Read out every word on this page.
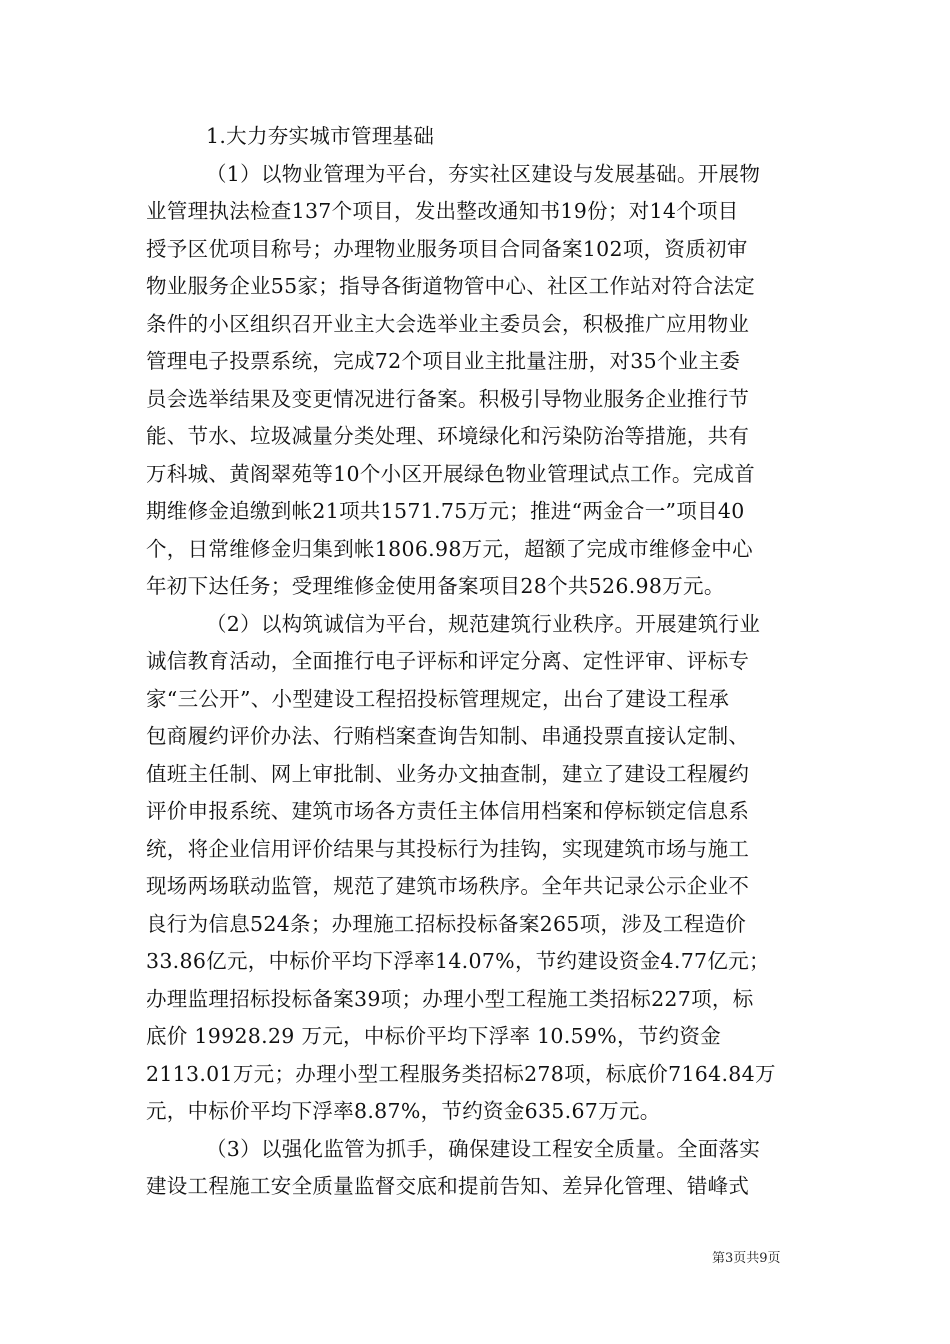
1.大力夯实城市管理基础
（1）以物业管理为平台，夯实社区建设与发展基础。开展物
业管理执法检查137个项目，发出整改通知书19份；对14个项目
授予区优项目称号；办理物业服务项目合同备案102项，资质初审
物业服务企业55家；指导各街道物管中心、社区工作站对符合法定
条件的小区组织召开业主大会选举业主委员会，积极推广应用物业
管理电子投票系统，完成72个项目业主批量注册，对35个业主委
员会选举结果及变更情况进行备案。积极引导物业服务企业推行节
能、节水、垃圾减量分类处理、环境绿化和污染防治等措施，共有
万科城、黄阁翠苑等10个小区开展绿色物业管理试点工作。完成首
期维修金追缴到帐21项共1571.75万元；推进“两金合一”项目40
个，日常维修金归集到帐1806.98万元，超额了完成市维修金中心
年初下达任务；受理维修金使用备案项目28个共526.98万元。
（2）以构筑诚信为平台，规范建筑行业秩序。开展建筑行业
诚信教育活动，全面推行电子评标和评定分离、定性评审、评标专
家“三公开”、小型建设工程招投标管理规定，出台了建设工程承
包商履约评价办法、行贿档案查询告知制、串通投票直接认定制、
值班主任制、网上审批制、业务办文抽查制，建立了建设工程履约
评价申报系统、建筑市场各方责任主体信用档案和停标锁定信息系
统，将企业信用评价结果与其投标行为挂钩，实现建筑市场与施工
现场两场联动监管，规范了建筑市场秩序。全年共记录公示企业不
良行为信息524条；办理施工招标投标备案265项，涉及工程造价
33.86亿元，中标价平均下浮率14.07%，节约建设资金4.77亿元；
办理监理招标投标备案39项；办理小型工程施工类招标227项，标
底价 19928.29 万元，中标价平均下浮率 10.59%，节约资金
2113.01万元；办理小型工程服务类招标278项，标底价7164.84万
元，中标价平均下浮率8.87%，节约资金635.67万元。
（3）以强化监管为抓手，确保建设工程安全质量。全面落实
建设工程施工安全质量监督交底和提前告知、差异化管理、错峰式
第3页共9页
